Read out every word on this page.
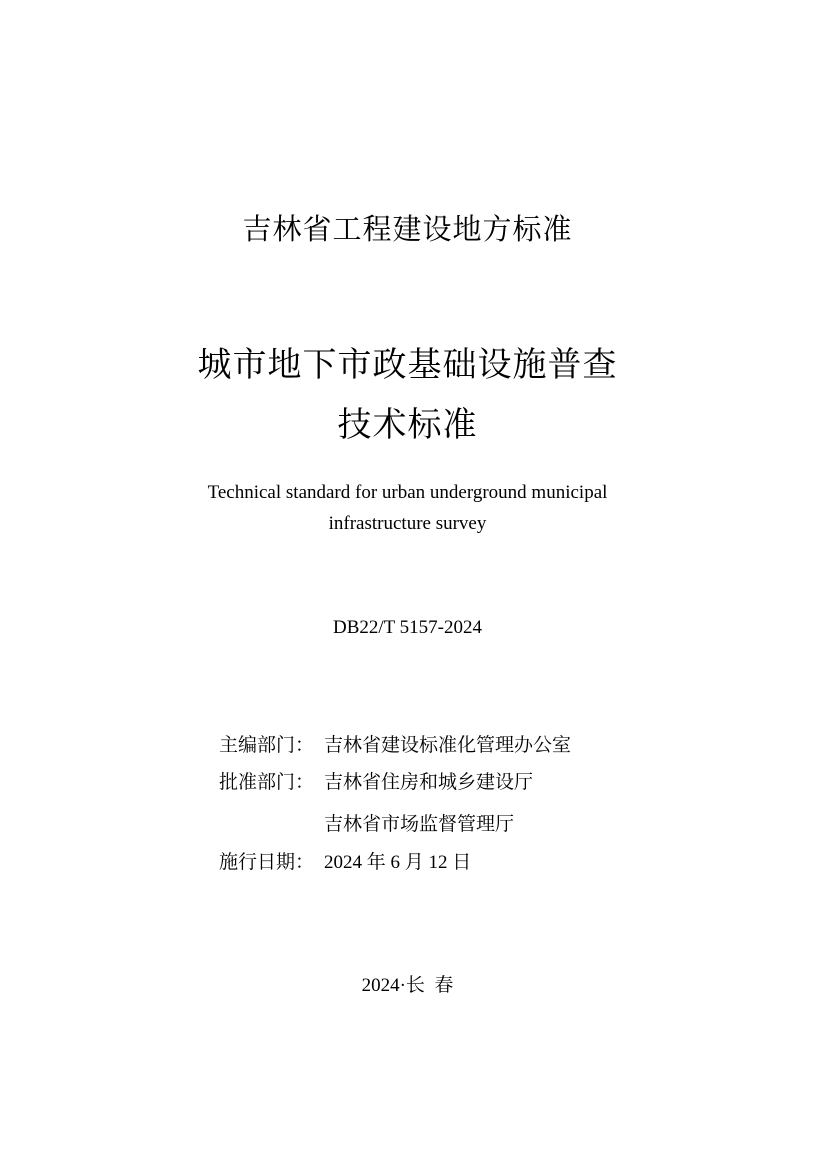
吉林省工程建设地方标准
城市地下市政基础设施普查
技术标准
Technical standard for urban underground municipal
infrastructure survey
DB22/T 5157-2024
主编部门： 吉林省建设标准化管理办公室
批准部门： 吉林省住房和城乡建设厅
吉林省市场监督管理厅
施行日期： 2024 年 6 月 12 日
2024·长  春
